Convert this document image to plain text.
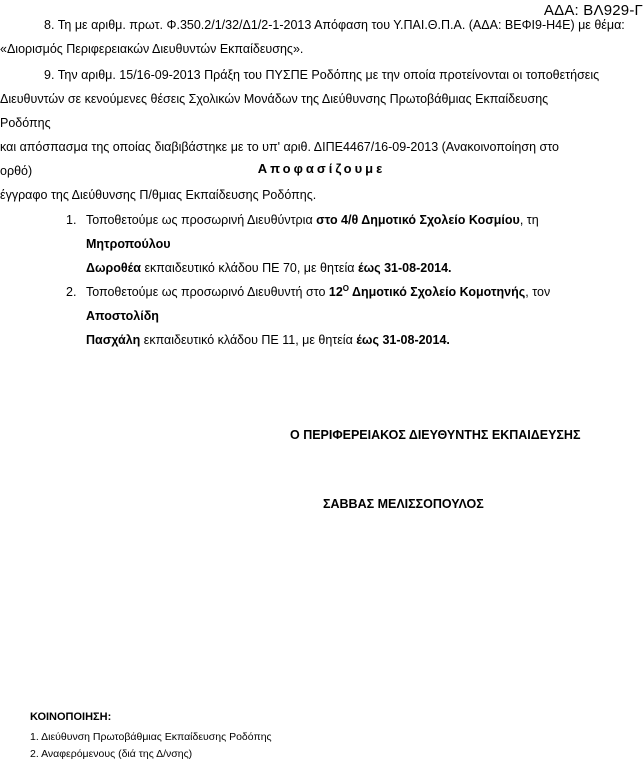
ΑΔΑ: ΒΛ929-Γ
8. Τη με αριθμ. πρωτ. Φ.350.2/1/32/Δ1/2-1-2013 Απόφαση του Υ.ΠΑΙ.Θ.Π.Α. (ΑΔΑ: ΒΕΦΙ9-Η4Ε) με θέμα:
«Διορισμός Περιφερειακών Διευθυντών Εκπαίδευσης».
9. Την αριθμ. 15/16-09-2013 Πράξη του ΠΥΣΠΕ Ροδόπης με την οποία προτείνονται οι τοποθετήσεις
Διευθυντών σε κενούμενες θέσεις Σχολικών Μονάδων της Διεύθυνσης Πρωτοβάθμιας Εκπαίδευσης Ροδόπης
και απόσπασμα της οποίας διαβιβάστηκε με το υπ' αριθ. ΔΙΠΕ4467/16-09-2013 (Ανακοινοποίηση στο ορθό)
έγγραφο της Διεύθυνσης Π/θμιας Εκπαίδευσης Ροδόπης.
Αποφασίζουμε
1. Τοποθετούμε ως προσωρινή Διευθύντρια στο 4/θ Δημοτικό Σχολείο Κοσμίου, τη Μητροπούλου
Δωροθέα εκπαιδευτικό κλάδου ΠΕ 70, με θητεία έως 31-08-2014.
2. Τοποθετούμε ως προσωρινό Διευθυντή στο $12^O$ Δημοτικό Σχολείο Κομοτηνής, τον Αποστολίδη
Πασχάλη εκπαιδευτικό κλάδου ΠΕ 11, με θητεία έως 31-08-2014.
Ο ΠΕΡΙΦΕΡΕΙΑΚΟΣ ΔΙΕΥΘΥΝΤΗΣ ΕΚΠΑΙΔΕΥΣΗΣ
ΣΑΒΒΑΣ ΜΕΛΙΣΣΟΠΟΥΛΟΣ
ΚΟΙΝΟΠΟΙΗΣΗ:
1. Διεύθυνση Πρωτοβάθμιας Εκπαίδευσης Ροδόπης
2. Αναφερόμενους (διά της Δ/νσης)
